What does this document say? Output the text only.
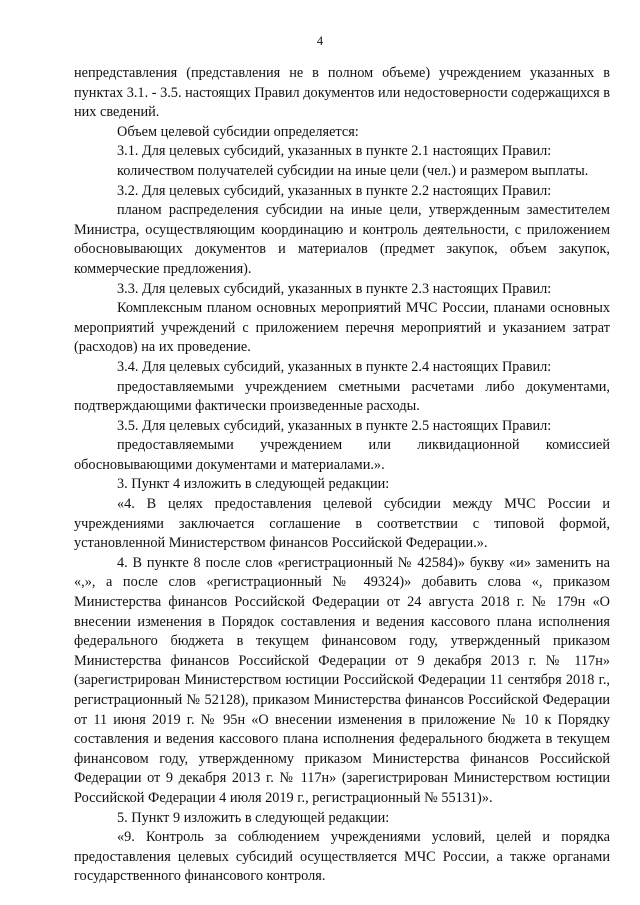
4

непредставления (представления не в полном объеме) учреждением указанных в пунктах 3.1. - 3.5. настоящих Правил документов или недостоверности содержащихся в них сведений.

Объем целевой субсидии определяется:

3.1. Для целевых субсидий, указанных в пункте 2.1 настоящих Правил:

количеством получателей субсидии на иные цели (чел.) и размером выплаты.

3.2. Для целевых субсидий, указанных в пункте 2.2 настоящих Правил:

планом распределения субсидии на иные цели, утвержденным заместителем Министра, осуществляющим координацию и контроль деятельности, с приложением обосновывающих документов и материалов (предмет закупок, объем закупок, коммерческие предложения).

3.3. Для целевых субсидий, указанных в пункте 2.3 настоящих Правил:

Комплексным планом основных мероприятий МЧС России, планами основных мероприятий учреждений с приложением перечня мероприятий и указанием затрат (расходов) на их проведение.

3.4. Для целевых субсидий, указанных в пункте 2.4 настоящих Правил:

предоставляемыми учреждением сметными расчетами либо документами, подтверждающими фактически произведенные расходы.

3.5. Для целевых субсидий, указанных в пункте 2.5 настоящих Правил:

предоставляемыми учреждением или ликвидационной комиссией обосновывающими документами и материалами.».

3. Пункт 4 изложить в следующей редакции:

«4. В целях предоставления целевой субсидии между МЧС России и учреждениями заключается соглашение в соответствии с типовой формой, установленной Министерством финансов Российской Федерации.».

4. В пункте 8 после слов «регистрационный № 42584)» букву «и» заменить на «,», а после слов «регистрационный № 49324)» добавить слова «, приказом Министерства финансов Российской Федерации от 24 августа 2018 г. № 179н «О внесении изменения в Порядок составления и ведения кассового плана исполнения федерального бюджета в текущем финансовом году, утвержденный приказом Министерства финансов Российской Федерации от 9 декабря 2013 г. № 117н» (зарегистрирован Министерством юстиции Российской Федерации 11 сентября 2018 г., регистрационный № 52128), приказом Министерства финансов Российской Федерации от 11 июня 2019 г. № 95н «О внесении изменения в приложение № 10 к Порядку составления и ведения кассового плана исполнения федерального бюджета в текущем финансовом году, утвержденному приказом Министерства финансов Российской Федерации от 9 декабря 2013 г. № 117н» (зарегистрирован Министерством юстиции Российской Федерации 4 июля 2019 г., регистрационный № 55131)».

5. Пункт 9 изложить в следующей редакции:

«9. Контроль за соблюдением учреждениями условий, целей и порядка предоставления целевых субсидий осуществляется МЧС России, а также органами государственного финансового контроля.
